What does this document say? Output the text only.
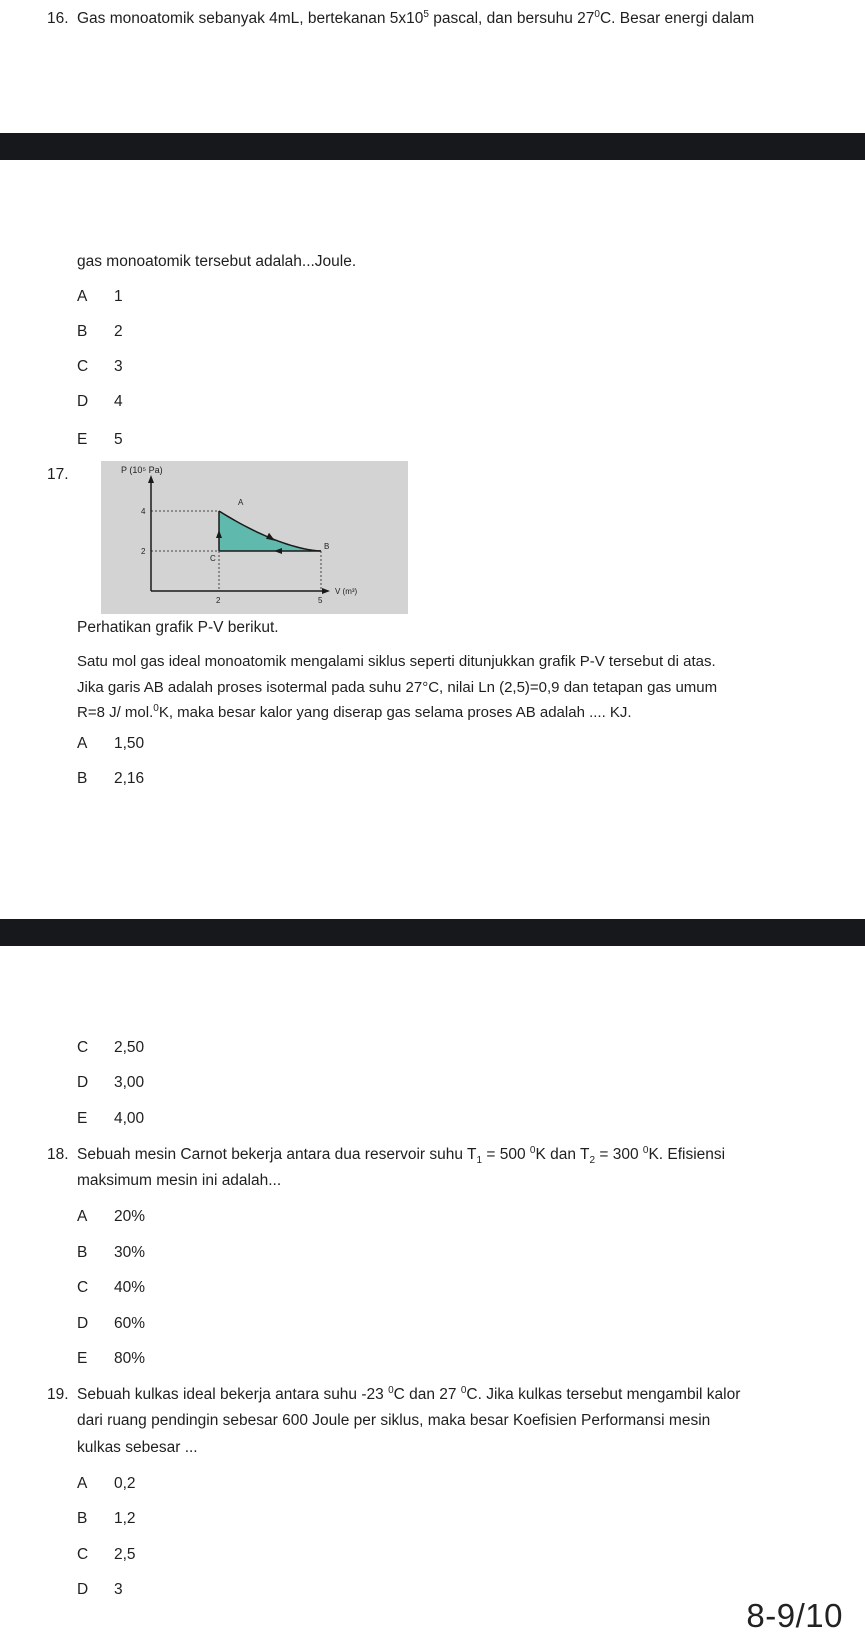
16. Gas monoatomik sebanyak 4mL, bertekanan $5x10^5$ pascal, dan bersuhu $27^0C$. Besar energi dalam
gas monoatomik tersebut adalah...Joule.
A	1
B	2
C	3
D	4
E	5
17.	P (10⁵ Pa)
V (m³)
4
2
2	5
A
B
C
Perhatikan grafik P-V berikut.
Satu mol gas ideal monoatomik mengalami siklus seperti ditunjukkan grafik P-V tersebut di atas.
Jika garis AB adalah proses isotermal pada suhu 27°C, nilai Ln (2,5)=0,9 dan tetapan gas umum
R=8 J/ mol.$^0$K, maka besar kalor yang diserap gas selama proses AB adalah .... KJ.
A	1,50
B	2,16
C	2,50
D	3,00
E	4,00
18. Sebuah mesin Carnot bekerja antara dua reservoir suhu $T_1 = 500$ $^0$K dan $T_2 = 300$ $^0$K. Efisiensi
maksimum mesin ini adalah...
A	20%
B	30%
C	40%
D	60%
E	80%
19. Sebuah kulkas ideal bekerja antara suhu -23 $^0$C dan 27 $^0$C. Jika kulkas tersebut mengambil kalor
dari ruang pendingin sebesar 600 Joule per siklus, maka besar Koefisien Performansi mesin
kulkas sebesar ...
A	0,2
B	1,2
C	2,5
D	3
8-9/10
